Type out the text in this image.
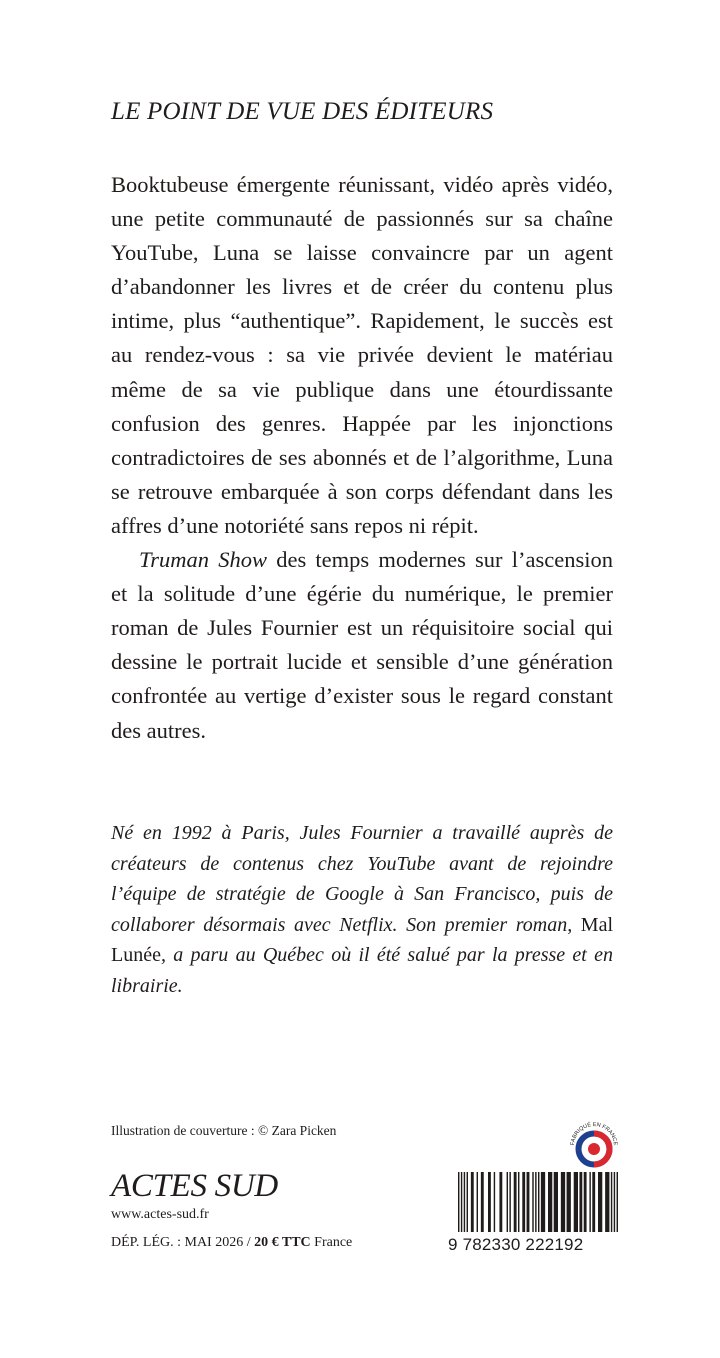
LE POINT DE VUE DES ÉDITEURS

Booktubeuse émergente réunissant, vidéo après vidéo, une petite communauté de passionnés sur sa chaîne YouTube, Luna se laisse convaincre par un agent d’abandonner les livres et de créer du contenu plus intime, plus “authentique”. Rapidement, le succès est au rendez-vous : sa vie privée devient le matériau même de sa vie publique dans une étourdissante confusion des genres. Happée par les injonctions contradictoires de ses abonnés et de l’algorithme, Luna se retrouve embarquée à son corps défendant dans les affres d’une notoriété sans repos ni répit.

Truman Show des temps modernes sur l’ascension et la solitude d’une égérie du numérique, le premier roman de Jules Fournier est un réquisitoire social qui dessine le portrait lucide et sensible d’une génération confrontée au vertige d’exister sous le regard constant des autres.

Né en 1992 à Paris, Jules Fournier a travaillé auprès de créateurs de contenus chez YouTube avant de rejoindre l’équipe de stratégie de Google à San Francisco, puis de collaborer désormais avec Netflix. Son premier roman, Mal Lunée, a paru au Québec où il été salué par la presse et en librairie.

Illustration de couverture : © Zara Picken

ACTES SUD

www.actes-sud.fr

DÉP. LÉG. : MAI 2026 / 20 € TTC France

FABRIQUÉ EN FRANCE

9 782330 222192
